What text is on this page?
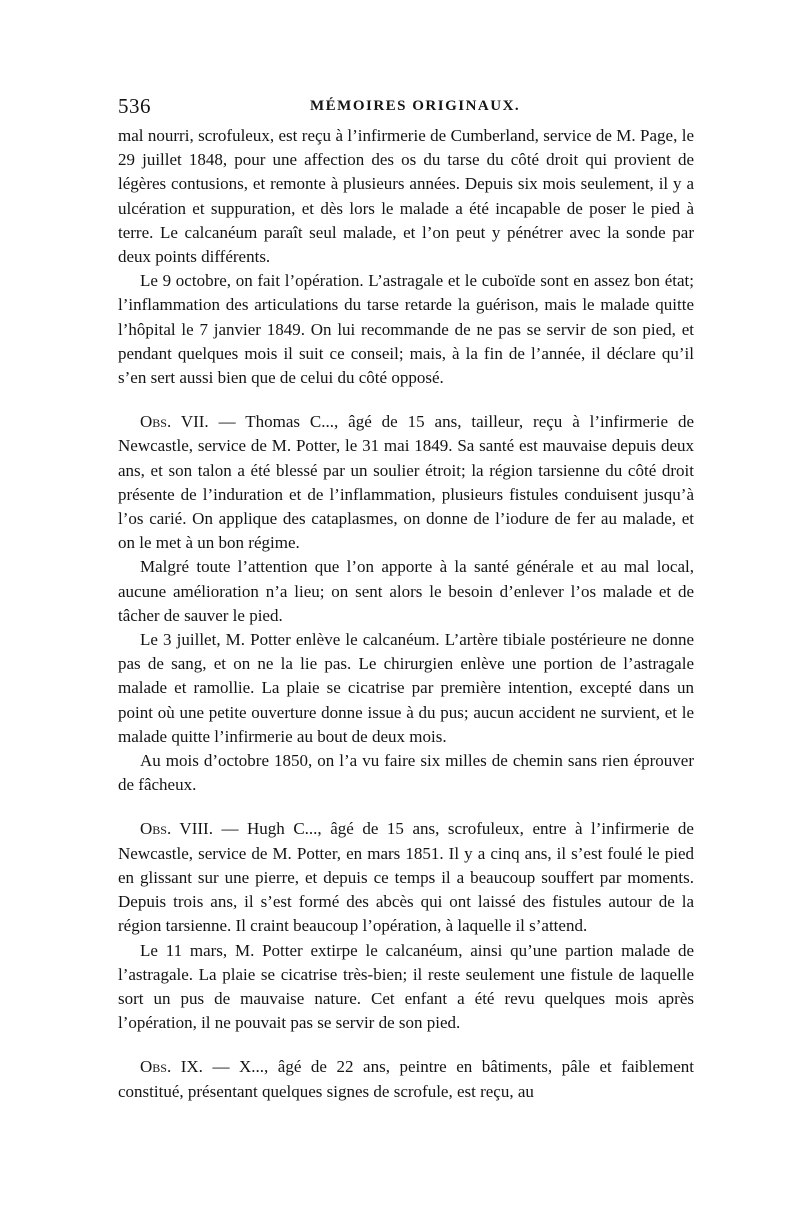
536	MÉMOIRES ORIGINAUX.

mal nourri, scrofuleux, est reçu à l’infirmerie de Cumberland, service de M. Page, le 29 juillet 1848, pour une affection des os du tarse du côté droit qui provient de légères contusions, et remonte à plusieurs années. Depuis six mois seulement, il y a ulcération et suppuration, et dès lors le malade a été incapable de poser le pied à terre. Le calcanéum paraît seul malade, et l’on peut y pénétrer avec la sonde par deux points différents.

Le 9 octobre, on fait l’opération. L’astragale et le cuboïde sont en assez bon état; l’inflammation des articulations du tarse retarde la guérison, mais le malade quitte l’hôpital le 7 janvier 1849. On lui recommande de ne pas se servir de son pied, et pendant quelques mois il suit ce conseil; mais, à la fin de l’année, il déclare qu’il s’en sert aussi bien que de celui du côté opposé.

Obs. VII. — Thomas C..., âgé de 15 ans, tailleur, reçu à l’infirmerie de Newcastle, service de M. Potter, le 31 mai 1849. Sa santé est mauvaise depuis deux ans, et son talon a été blessé par un soulier étroit; la région tarsienne du côté droit présente de l’induration et de l’inflammation, plusieurs fistules conduisent jusqu’à l’os carié. On applique des cataplasmes, on donne de l’iodure de fer au malade, et on le met à un bon régime.

Malgré toute l’attention que l’on apporte à la santé générale et au mal local, aucune amélioration n’a lieu; on sent alors le besoin d’enlever l’os malade et de tâcher de sauver le pied.

Le 3 juillet, M. Potter enlève le calcanéum. L’artère tibiale postérieure ne donne pas de sang, et on ne la lie pas. Le chirurgien enlève une portion de l’astragale malade et ramollie. La plaie se cicatrise par première intention, excepté dans un point où une petite ouverture donne issue à du pus; aucun accident ne survient, et le malade quitte l’infirmerie au bout de deux mois.

Au mois d’octobre 1850, on l’a vu faire six milles de chemin sans rien éprouver de fâcheux.

Obs. VIII. — Hugh C..., âgé de 15 ans, scrofuleux, entre à l’infirmerie de Newcastle, service de M. Potter, en mars 1851. Il y a cinq ans, il s’est foulé le pied en glissant sur une pierre, et depuis ce temps il a beaucoup souffert par moments. Depuis trois ans, il s’est formé des abcès qui ont laissé des fistules autour de la région tarsienne. Il craint beaucoup l’opération, à laquelle il s’attend.

Le 11 mars, M. Potter extirpe le calcanéum, ainsi qu’une partion malade de l’astragale. La plaie se cicatrise très-bien; il reste seulement une fistule de laquelle sort un pus de mauvaise nature. Cet enfant a été revu quelques mois après l’opération, il ne pouvait pas se servir de son pied.

Obs. IX. — X..., âgé de 22 ans, peintre en bâtiments, pâle et faiblement constitué, présentant quelques signes de scrofule, est reçu, au
